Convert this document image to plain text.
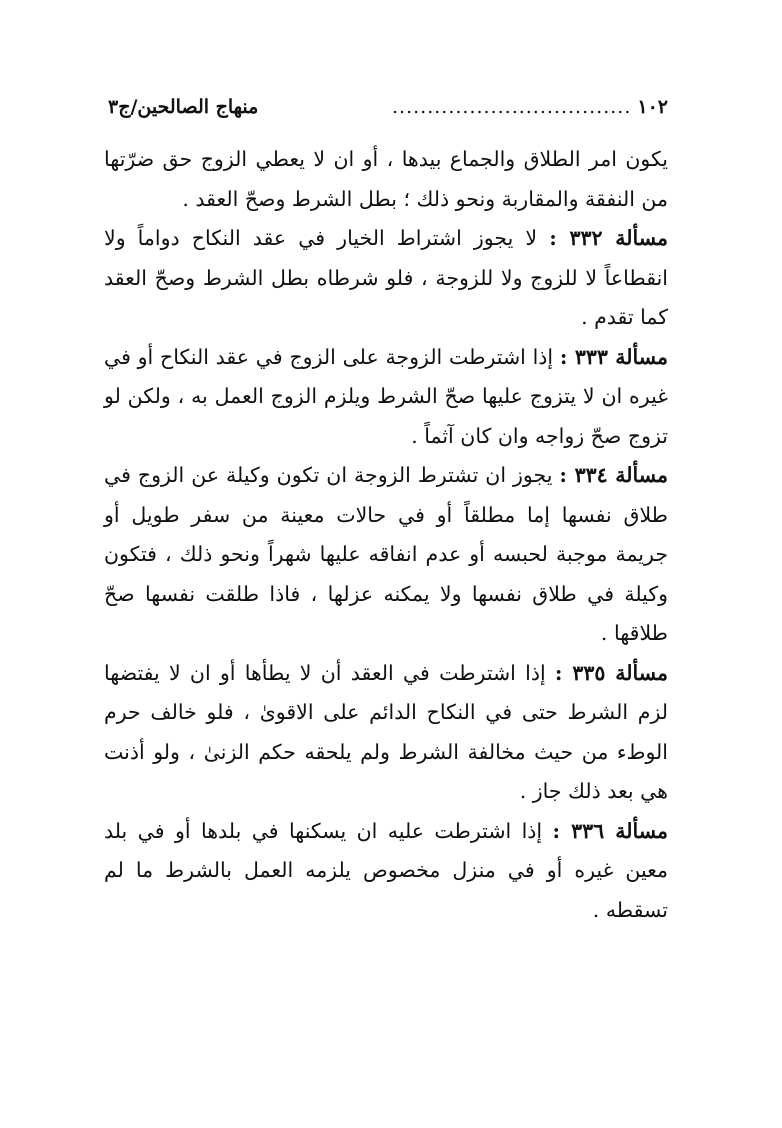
١٠٢
..................................
منهاج الصالحين/ج٣

يكون امر الطلاق والجماع بيدها ، أو ان لا يعطي الزوج حق ضرّتها من النفقة والمقاربة ونحو ذلك ؛ بطل الشرط وصحّ العقد .

مسألة ٣٣٢ : لا يجوز اشتراط الخيار في عقد النكاح دواماً ولا انقطاعاً لا للزوج ولا للزوجة ، فلو شرطاه بطل الشرط وصحّ العقد كما تقدم .

مسألة ٣٣٣ : إذا اشترطت الزوجة على الزوج في عقد النكاح أو في غيره ان لا يتزوج عليها صحّ الشرط ويلزم الزوج العمل به ، ولكن لو تزوج صحّ زواجه وان كان آثماً .

مسألة ٣٣٤ : يجوز ان تشترط الزوجة ان تكون وكيلة عن الزوج في طلاق نفسها إما مطلقاً أو في حالات معينة من سفر طويل أو جريمة موجبة لحبسه أو عدم انفاقه عليها شهراً ونحو ذلك ، فتكون وكيلة في طلاق نفسها ولا يمكنه عزلها ، فاذا طلقت نفسها صحّ طلاقها .

مسألة ٣٣٥ : إذا اشترطت في العقد أن لا يطأها أو ان لا يفتضها لزم الشرط حتى في النكاح الدائم على الاقوىٰ ، فلو خالف حرم الوطء من حيث مخالفة الشرط ولم يلحقه حكم الزنىٰ ، ولو أذنت هي بعد ذلك جاز .

مسألة ٣٣٦ : إذا اشترطت عليه ان يسكنها في بلدها أو في بلد معين غيره أو في منزل مخصوص يلزمه العمل بالشرط ما لم تسقطه .
